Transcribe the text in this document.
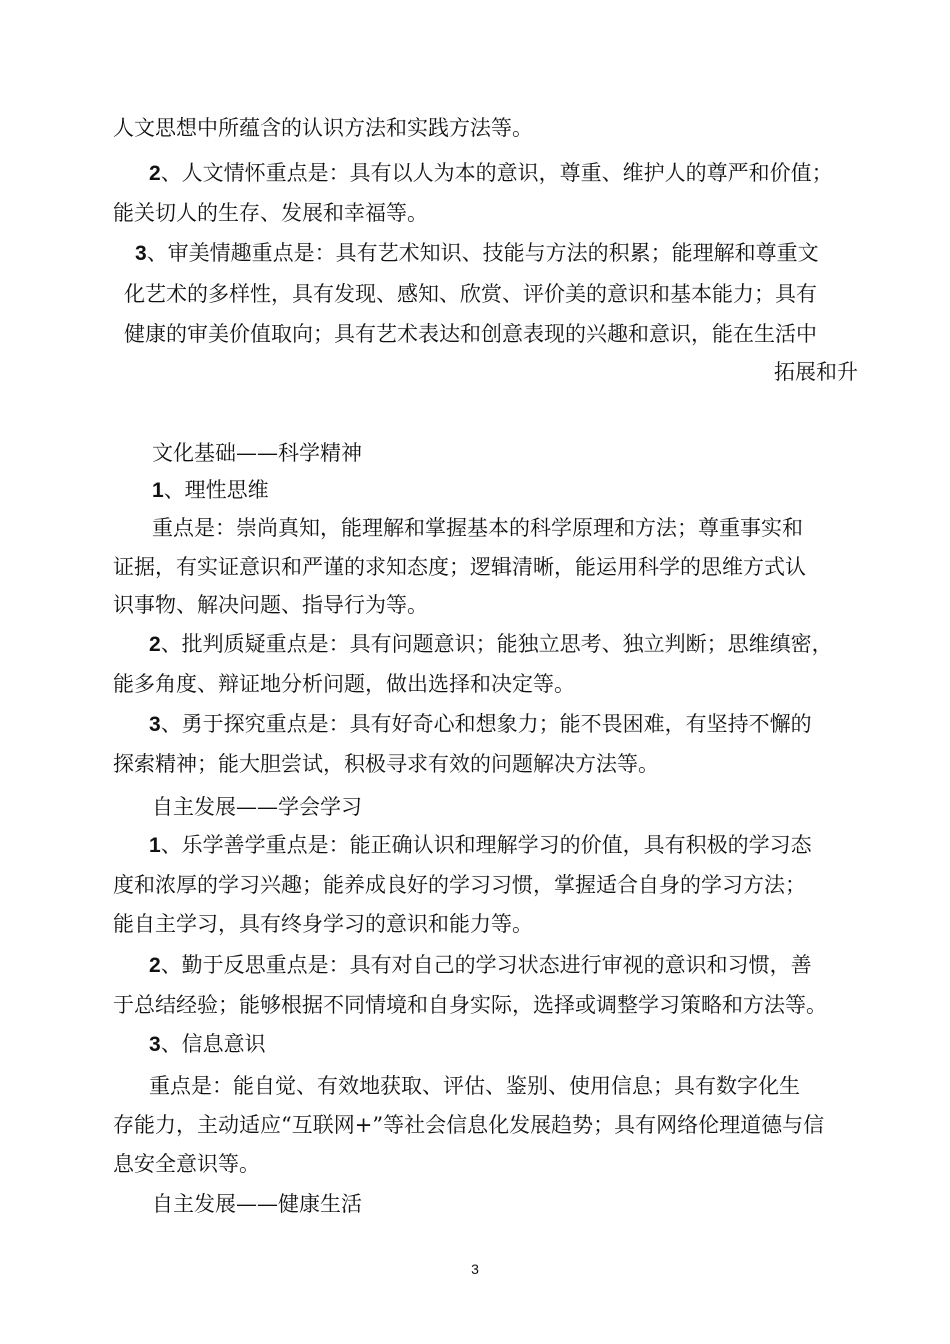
人文思想中所蕴含的认识方法和实践方法等。
2、人文情怀重点是：具有以人为本的意识，尊重、维护人的尊严和价值；
能关切人的生存、发展和幸福等。
3、审美情趣重点是：具有艺术知识、技能与方法的积累；能理解和尊重文
化艺术的多样性，具有发现、感知、欣赏、评价美的意识和基本能力；具有
健康的审美价值取向；具有艺术表达和创意表现的兴趣和意识，能在生活中
拓展和升
文化基础——科学精神
1、理性思维
重点是：崇尚真知，能理解和掌握基本的科学原理和方法；尊重事实和
证据，有实证意识和严谨的求知态度；逻辑清晰，能运用科学的思维方式认
识事物、解决问题、指导行为等。
2、批判质疑重点是：具有问题意识；能独立思考、独立判断；思维缜密，
能多角度、辩证地分析问题，做出选择和决定等。
3、勇于探究重点是：具有好奇心和想象力；能不畏困难，有坚持不懈的
探索精神；能大胆尝试，积极寻求有效的问题解决方法等。
自主发展——学会学习
1、乐学善学重点是：能正确认识和理解学习的价值，具有积极的学习态
度和浓厚的学习兴趣；能养成良好的学习习惯，掌握适合自身的学习方法；
能自主学习，具有终身学习的意识和能力等。
2、勤于反思重点是：具有对自己的学习状态进行审视的意识和习惯，善
于总结经验；能够根据不同情境和自身实际，选择或调整学习策略和方法等。
3、信息意识
重点是：能自觉、有效地获取、评估、鉴别、使用信息；具有数字化生
存能力，主动适应“互联网+”等社会信息化发展趋势；具有网络伦理道德与信
息安全意识等。
自主发展——健康生活
3
